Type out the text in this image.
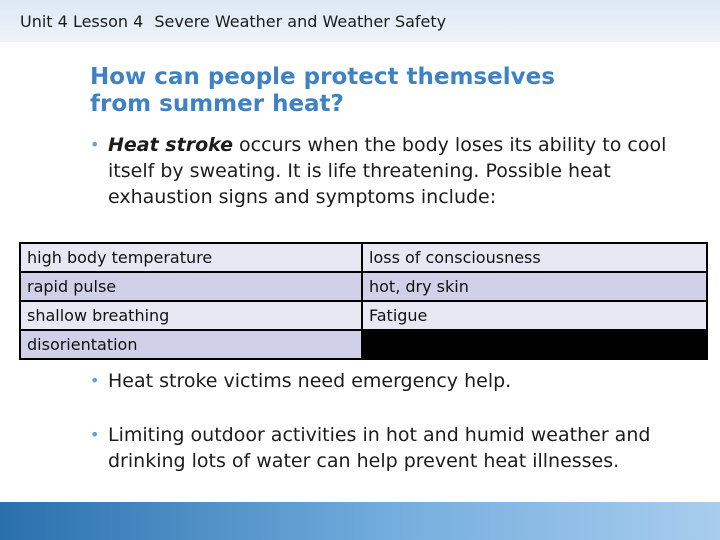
Unit 4 Lesson 4 Severe Weather and Weather Safety
How can people protect themselves
from summer heat?
• Heat stroke occurs when the body loses its ability to cool itself by sweating. It is life threatening. Possible heat exhaustion signs and symptoms include:
high body temperature	loss of consciousness
rapid pulse	hot, dry skin
shallow breathing	Fatigue
disorientation	
• Heat stroke victims need emergency help.
• Limiting outdoor activities in hot and humid weather and drinking lots of water can help prevent heat illnesses.
